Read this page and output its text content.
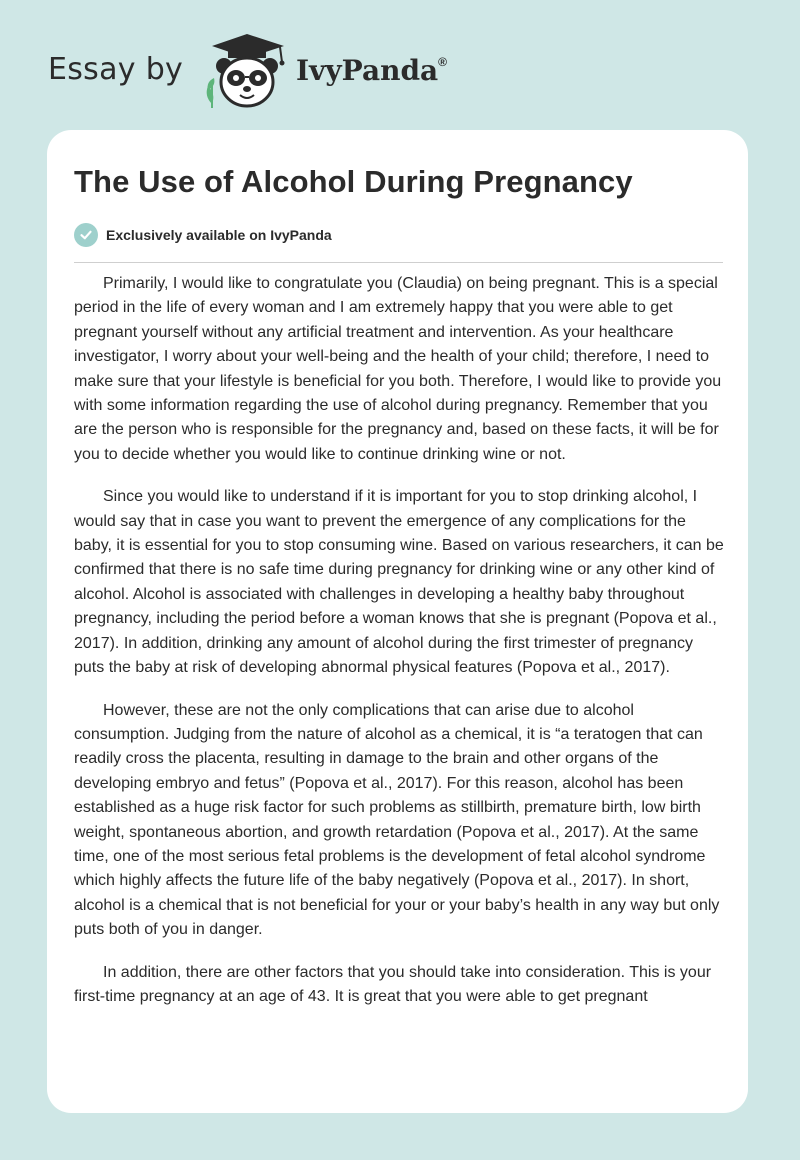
Essay by	IvyPanda®
The Use of Alcohol During Pregnancy
Exclusively available on IvyPanda

Primarily, I would like to congratulate you (Claudia) on being pregnant. This is a special period in the life of every woman and I am extremely happy that you were able to get pregnant yourself without any artificial treatment and intervention. As your healthcare investigator, I worry about your well-being and the health of your child; therefore, I need to make sure that your lifestyle is beneficial for you both. Therefore, I would like to provide you with some information regarding the use of alcohol during pregnancy. Remember that you are the person who is responsible for the pregnancy and, based on these facts, it will be for you to decide whether you would like to continue drinking wine or not.

Since you would like to understand if it is important for you to stop drinking alcohol, I would say that in case you want to prevent the emergence of any complications for the baby, it is essential for you to stop consuming wine. Based on various researchers, it can be confirmed that there is no safe time during pregnancy for drinking wine or any other kind of alcohol. Alcohol is associated with challenges in developing a healthy baby throughout pregnancy, including the period before a woman knows that she is pregnant (Popova et al., 2017). In addition, drinking any amount of alcohol during the first trimester of pregnancy puts the baby at risk of developing abnormal physical features (Popova et al., 2017).

However, these are not the only complications that can arise due to alcohol consumption. Judging from the nature of alcohol as a chemical, it is “a teratogen that can readily cross the placenta, resulting in damage to the brain and other organs of the developing embryo and fetus” (Popova et al., 2017). For this reason, alcohol has been established as a huge risk factor for such problems as stillbirth, premature birth, low birth weight, spontaneous abortion, and growth retardation (Popova et al., 2017). At the same time, one of the most serious fetal problems is the development of fetal alcohol syndrome which highly affects the future life of the baby negatively (Popova et al., 2017). In short, alcohol is a chemical that is not beneficial for your or your baby’s health in any way but only puts both of you in danger.

In addition, there are other factors that you should take into consideration. This is your first-time pregnancy at an age of 43. It is great that you were able to get pregnant
